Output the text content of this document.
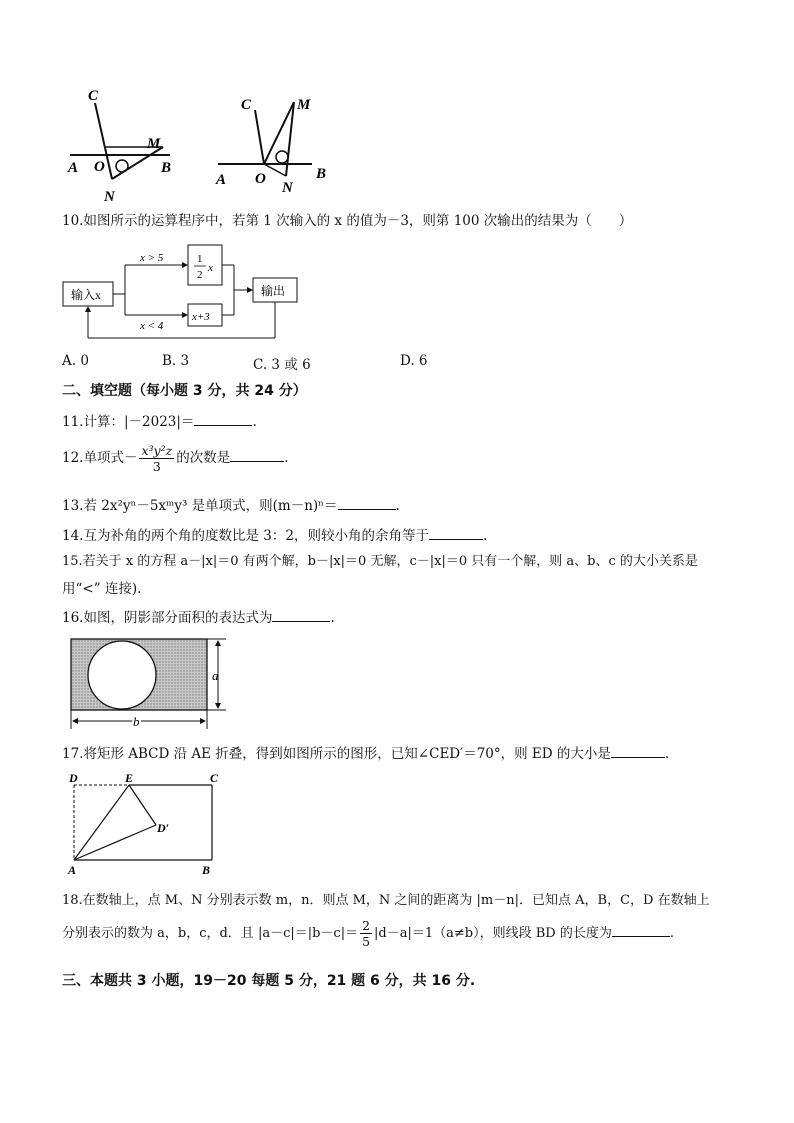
C
M
A O	B
N
C	M
A O	B
N
10.如图所示的运算程序中，若第 1 次输入的 x 的值为－3，则第 100 次输出的结果为（　　）
输入x
x > 5
x < 4
1
2
x
x+3
输出
A. 0	B. 3	C. 3 或 6	D. 6
二、填空题（每小题 3 分，共 24 分）
11.计算：|－2023|＝	.
12.单项式－ $\frac{\text{x³y²z}}{3}$ 的次数是	.
13.若 2x²yⁿ－5xᵐy³ 是单项式，则(m－n)ⁿ＝	.
14.互为补角的两个角的度数比是 3：2，则较小角的余角等于	.
15.若关于 x 的方程 a－|x|＝0 有两个解，b－|x|＝0 无解，c－|x|＝0 只有一个解，则 a、b、c 的大小关系是
用“<” 连接).
16.如图，阴影部分面积的表达式为	.
a
b
17.将矩形 ABCD 沿 AE 折叠，得到如图所示的图形，已知∠CED′＝70°，则 ED 的大小是	.
D	E	C
D′
A	B
18.在数轴上，点 M、N 分别表示数 m，n．则点 M，N 之间的距离为 |m－n|．已知点 A，B，C，D 在数轴上
分别表示的数为 a，b，c，d．且 $|a-c|=|b-c|= \frac{2}{5} |d-a|=1(a\ne b)$，则线段 BD 的长度为	.
三、本题共 3 小题，19－20 每题 5 分，21 题 6 分，共 16 分.
